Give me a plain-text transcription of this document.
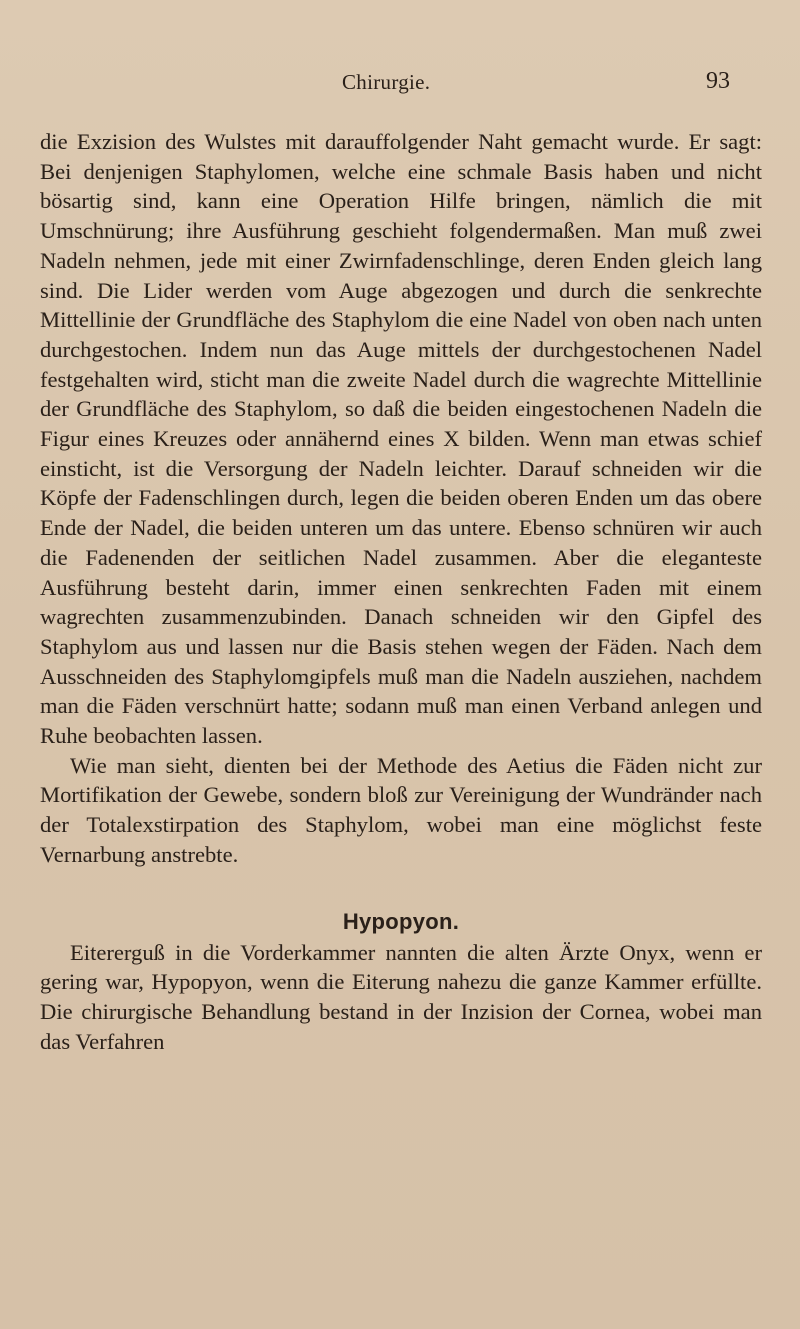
Chirurgie.	93

die Exzision des Wulstes mit darauffolgender Naht gemacht wurde. Er sagt: Bei denjenigen Staphylomen, welche eine schmale Basis haben und nicht bösartig sind, kann eine Operation Hilfe bringen, nämlich die mit Umschnürung; ihre Ausführung geschieht folgendermaßen. Man muß zwei Nadeln nehmen, jede mit einer Zwirnfadenschlinge, deren Enden gleich lang sind. Die Lider werden vom Auge abgezogen und durch die senkrechte Mittellinie der Grundfläche des Staphylom die eine Nadel von oben nach unten durchgestochen. Indem nun das Auge mittels der durchgestochenen Nadel festgehalten wird, sticht man die zweite Nadel durch die wagrechte Mittellinie der Grundfläche des Staphylom, so daß die beiden eingestochenen Nadeln die Figur eines Kreuzes oder annähernd eines X bilden. Wenn man etwas schief einsticht, ist die Versorgung der Nadeln leichter. Darauf schneiden wir die Köpfe der Fadenschlingen durch, legen die beiden oberen Enden um das obere Ende der Nadel, die beiden unteren um das untere. Ebenso schnüren wir auch die Fadenenden der seitlichen Nadel zusammen. Aber die eleganteste Ausführung besteht darin, immer einen senkrechten Faden mit einem wagrechten zusammenzubinden. Danach schneiden wir den Gipfel des Staphylom aus und lassen nur die Basis stehen wegen der Fäden. Nach dem Ausschneiden des Staphylomgipfels muß man die Nadeln ausziehen, nachdem man die Fäden verschnürt hatte; sodann muß man einen Verband anlegen und Ruhe beobachten lassen.

Wie man sieht, dienten bei der Methode des Aetius die Fäden nicht zur Mortifikation der Gewebe, sondern bloß zur Vereinigung der Wundränder nach der Totalexstirpation des Staphylom, wobei man eine möglichst feste Vernarbung anstrebte.

Hypopyon.

Eitererguß in die Vorderkammer nannten die alten Ärzte Onyx, wenn er gering war, Hypopyon, wenn die Eiterung nahezu die ganze Kammer erfüllte. Die chirurgische Behandlung bestand in der Inzision der Cornea, wobei man das Verfahren
